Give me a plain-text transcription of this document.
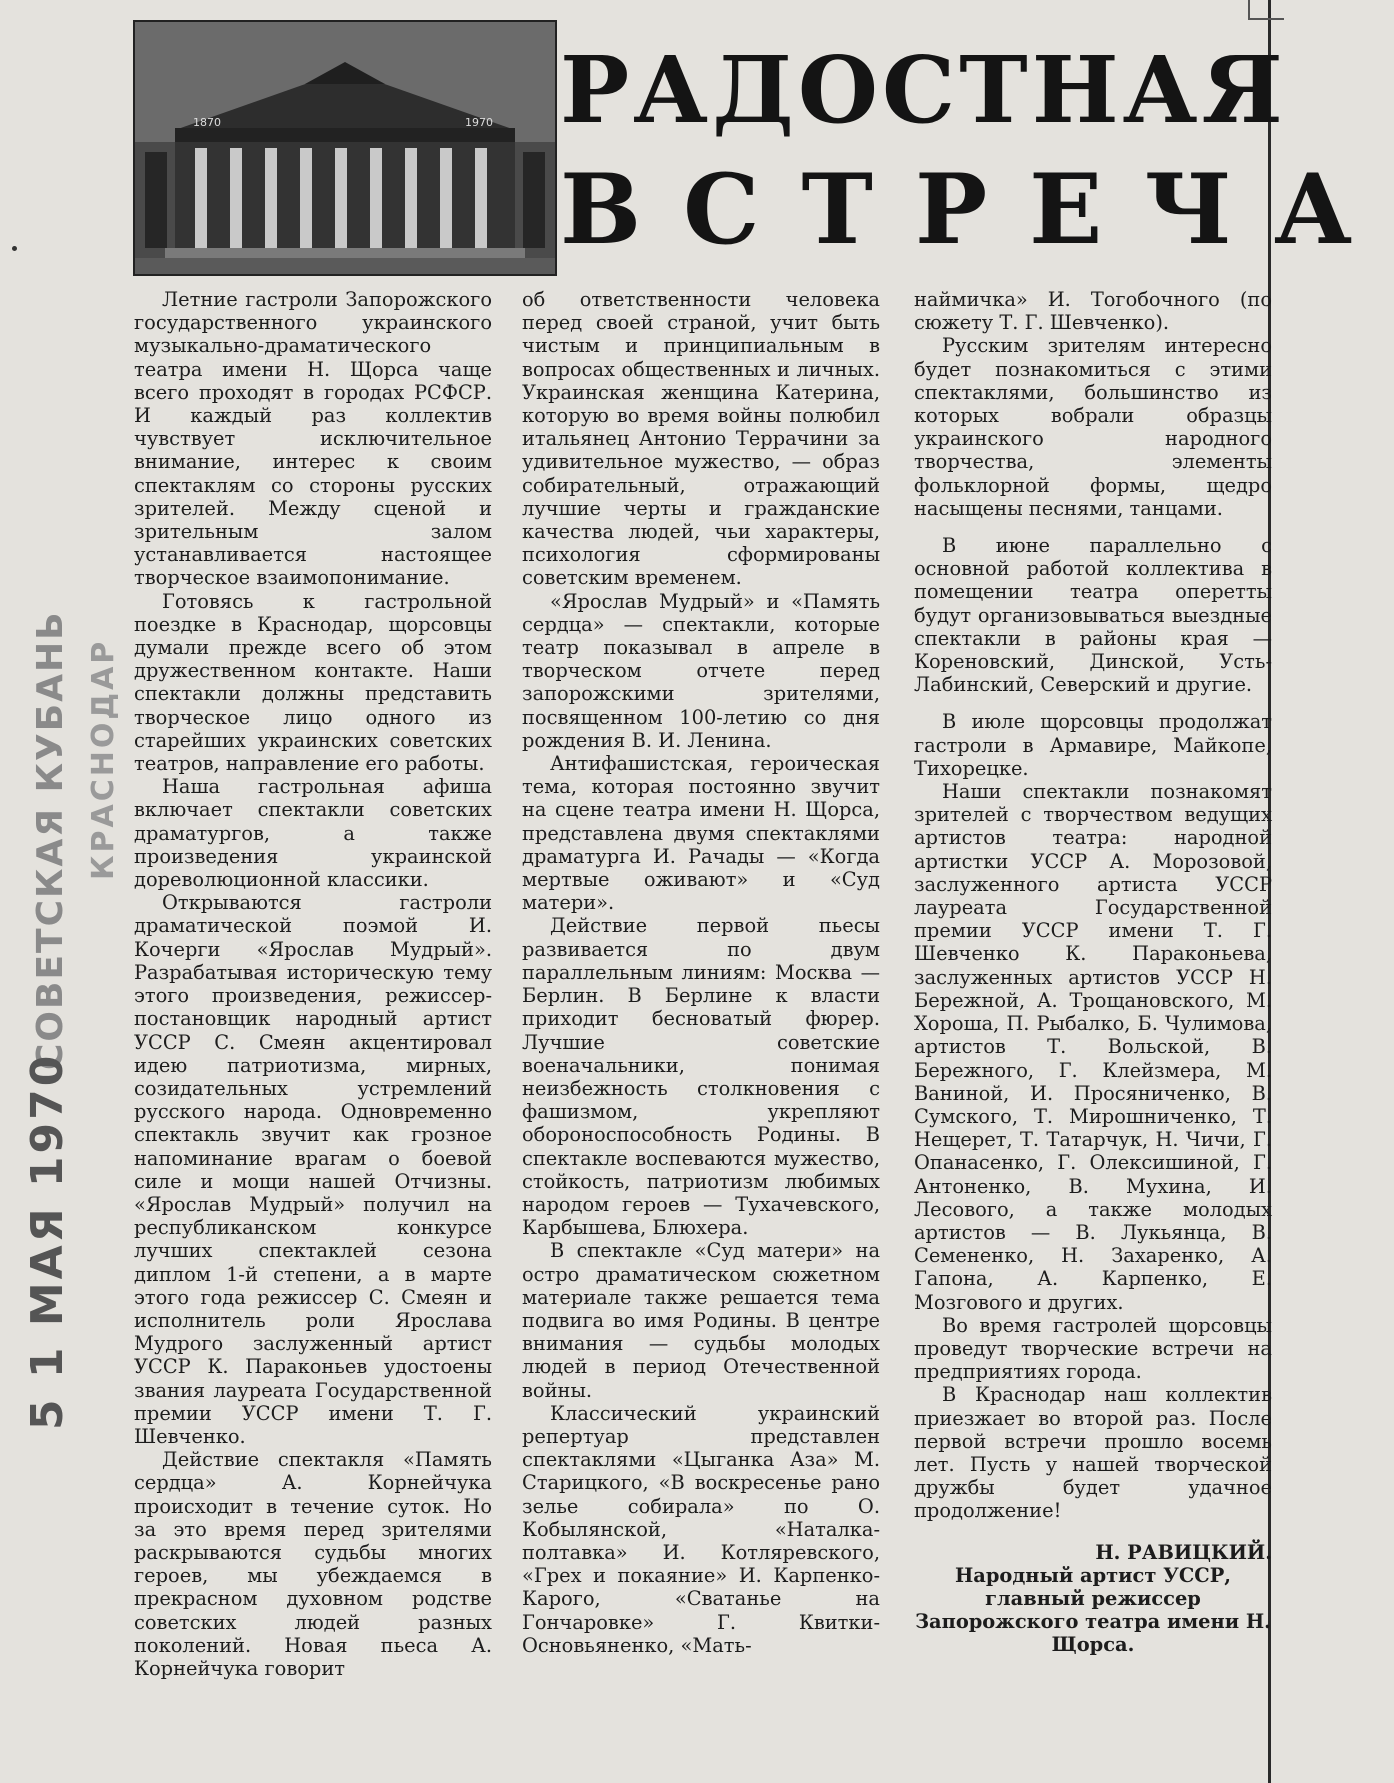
1870	1970 РАДОСТНАЯ
ВСТРЕЧА
СОВЕТСКАЯ КУБАНЬ КРАСНОДАР
5 1 МАЯ 1970

Летние гастроли Запорожского государственного украинского музыкально-драматического театра имени Н. Щорса чаще всего проходят в городах РСФСР. И каждый раз коллектив чувствует исключительное внимание, интерес к своим спектаклям со стороны русских зрителей. Между сценой и зрительным залом устанавливается настоящее творческое взаимопонимание.

Готовясь к гастрольной поездке в Краснодар, щорсовцы думали прежде всего об этом дружественном контакте. Наши спектакли должны представить творческое лицо одного из старейших украинских советских театров, направление его работы.

Наша гастрольная афиша включает спектакли советских драматургов, а также произведения украинской дореволюционной классики.

Открываются гастроли драматической поэмой И. Кочерги «Ярослав Мудрый». Разрабатывая историческую тему этого произведения, режиссер-постановщик народный артист УССР С. Смеян акцентировал идею патриотизма, мирных, созидательных устремлений русского народа. Одновременно спектакль звучит как грозное напоминание врагам о боевой силе и мощи нашей Отчизны. «Ярослав Мудрый» получил на республиканском конкурсе лучших спектаклей сезона диплом 1-й степени, а в марте этого года режиссер С. Смеян и исполнитель роли Ярослава Мудрого заслуженный артист УССР К. Параконьев удостоены звания лауреата Государственной премии УССР имени Т. Г. Шевченко.

Действие спектакля «Память сердца» А. Корнейчука происходит в течение суток. Но за это время перед зрителями раскрываются судьбы многих героев, мы убеждаемся в прекрасном духовном родстве советских людей разных поколений. Новая пьеса А. Корнейчука говорит

об ответственности человека перед своей страной, учит быть чистым и принципиальным в вопросах общественных и личных. Украинская женщина Катерина, которую во время войны полюбил итальянец Антонио Террачини за удивительное мужество, — образ собирательный, отражающий лучшие черты и гражданские качества людей, чьи характеры, психология сформированы советским временем.

«Ярослав Мудрый» и «Память сердца» — спектакли, которые театр показывал в апреле в творческом отчете перед запорожскими зрителями, посвященном 100-летию со дня рождения В. И. Ленина.

Антифашистская, героическая тема, которая постоянно звучит на сцене театра имени Н. Щорса, представлена двумя спектаклями драматурга И. Рачады — «Когда мертвые оживают» и «Суд матери».

Действие первой пьесы развивается по двум параллельным линиям: Москва — Берлин. В Берлине к власти приходит бесноватый фюрер. Лучшие советские военачальники, понимая неизбежность столкновения с фашизмом, укрепляют обороноспособность Родины. В спектакле воспеваются мужество, стойкость, патриотизм любимых народом героев — Тухачевского, Карбышева, Блюхера.

В спектакле «Суд матери» на остро драматическом сюжетном материале также решается тема подвига во имя Родины. В центре внимания — судьбы молодых людей в период Отечественной войны.

Классический украинский репертуар представлен спектаклями «Цыганка Аза» М. Старицкого, «В воскресенье рано зелье собирала» по О. Кобылянской, «Наталка-полтавка» И. Котляревского, «Грех и покаяние» И. Карпенко-Карого, «Сватанье на Гончаровке» Г. Квитки-Основьяненко, «Мать-

наймичка» И. Тогобочного (по сюжету Т. Г. Шевченко).

Русским зрителям интересно будет познакомиться с этими спектаклями, большинство из которых вобрали образцы украинского народного творчества, элементы фольклорной формы, щедро насыщены песнями, танцами.

В июне параллельно с основной работой коллектива в помещении театра оперетты будут организовываться выездные спектакли в районы края — Кореновский, Динской, Усть-Лабинский, Северский и другие.

В июле щорсовцы продолжат гастроли в Армавире, Майкопе, Тихорецке.

Наши спектакли познакомят зрителей с творчеством ведущих артистов театра: народной артистки УССР А. Морозовой, заслуженного артиста УССР лауреата Государственной премии УССР имени Т. Г. Шевченко К. Параконьева, заслуженных артистов УССР Н. Бережной, А. Трощановского, М. Хороша, П. Рыбалко, Б. Чулимова, артистов Т. Вольской, В. Бережного, Г. Клейзмера, М. Ваниной, И. Просяниченко, В. Сумского, Т. Мирошниченко, Т. Нещерет, Т. Татарчук, Н. Чичи, Г. Опанасенко, Г. Олексишиной, Г. Антоненко, В. Мухина, И. Лесового, а также молодых артистов — В. Лукьянца, В. Семененко, Н. Захаренко, А. Гапона, А. Карпенко, Е. Мозгового и других.

Во время гастролей щорсовцы проведут творческие встречи на предприятиях города.

В Краснодар наш коллектив приезжает во второй раз. После первой встречи прошло восемь лет. Пусть у нашей творческой дружбы будет удачное продолжение!

Н. РАВИЦКИЙ.

Народный артист УССР, главный режиссер Запорожского театра имени Н. Щорса.
